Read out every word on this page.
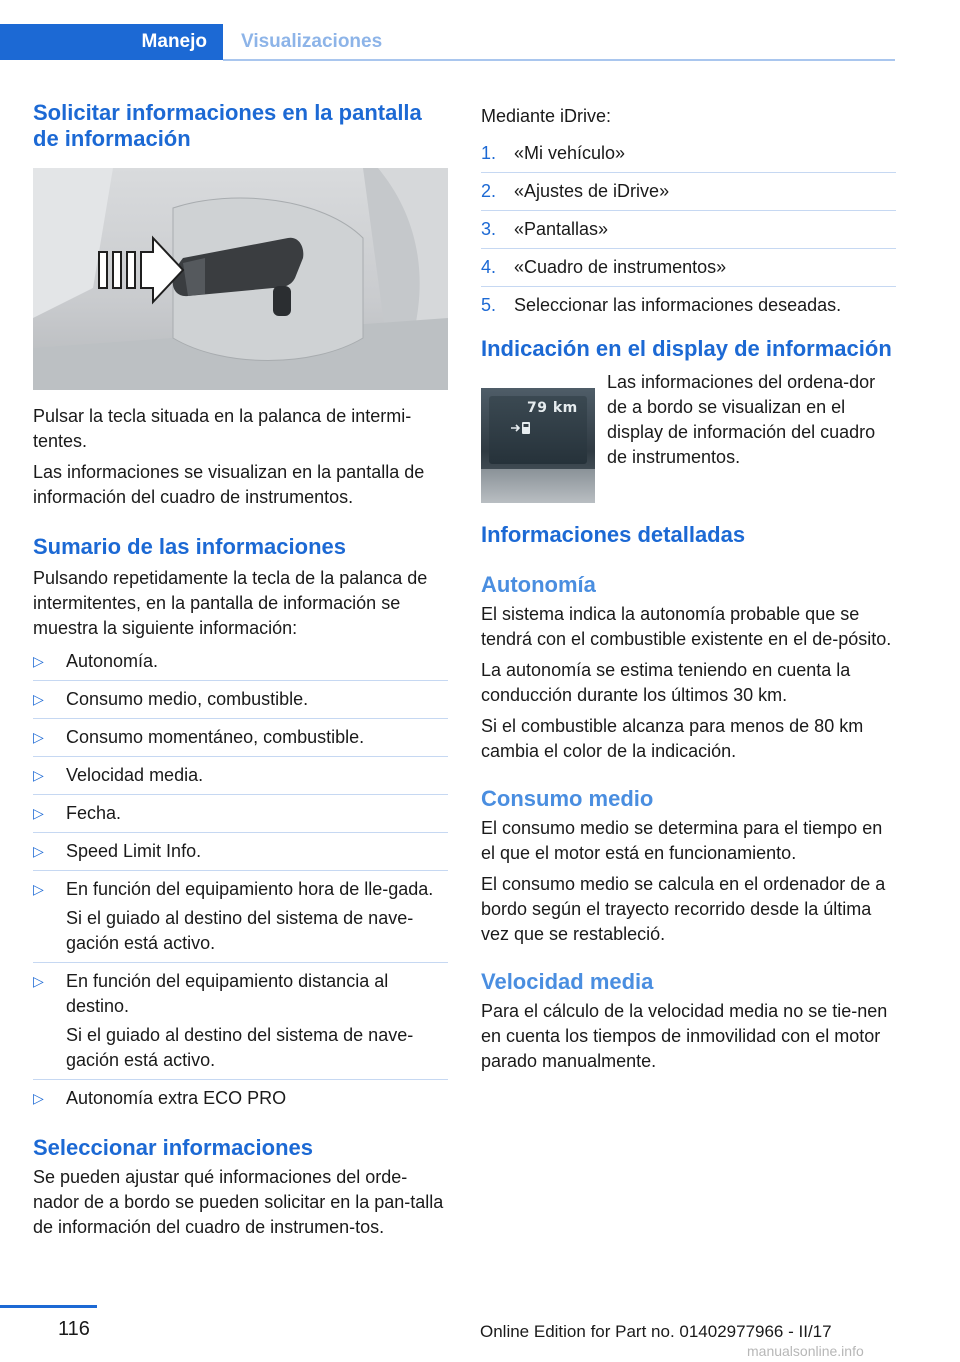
Manejo	Visualizaciones
Solicitar informaciones en la pantalla de información

Pulsar la tecla situada en la palanca de intermi‐tentes.

Las informaciones se visualizan en la pantalla de información del cuadro de instrumentos.

Sumario de las informaciones

Pulsando repetidamente la tecla de la palanca de intermitentes, en la pantalla de información se muestra la siguiente información:

▷ Autonomía.
▷ Consumo medio, combustible.
▷ Consumo momentáneo, combustible.
▷ Velocidad media.
▷ Fecha.
▷ Speed Limit Info.
▷ En función del equipamiento hora de lle‐gada.
Si el guiado al destino del sistema de nave‐gación está activo.
▷ En función del equipamiento distancia al destino.
Si el guiado al destino del sistema de nave‐gación está activo.
▷ Autonomía extra ECO PRO
Seleccionar informaciones

Se pueden ajustar qué informaciones del orde‐nador de a bordo se pueden solicitar en la pan‐talla de información del cuadro de instrumen‐tos.

Mediante iDrive:

1. «Mi vehículo»
2. «Ajustes de iDrive»
3. «Pantallas»
4. «Cuadro de instrumentos»
5. Seleccionar las informaciones deseadas.
Indicación en el display de información

Las informaciones del ordena‐dor de a bordo se visualizan en el display de información del cuadro de instrumentos.

Informaciones detalladas
Autonomía

El sistema indica la autonomía probable que se tendrá con el combustible existente en el de‐pósito.

La autonomía se estima teniendo en cuenta la conducción durante los últimos 30 km.

Si el combustible alcanza para menos de 80 km cambia el color de la indicación.

Consumo medio

El consumo medio se determina para el tiempo en el que el motor está en funcionamiento.

El consumo medio se calcula en el ordenador de a bordo según el trayecto recorrido desde la última vez que se restableció.

Velocidad media

Para el cálculo de la velocidad media no se tie‐nen en cuenta los tiempos de inmovilidad con el motor parado manualmente.

79 km
116	Online Edition for Part no. 01402977966 - II/17
manualsonline.info
